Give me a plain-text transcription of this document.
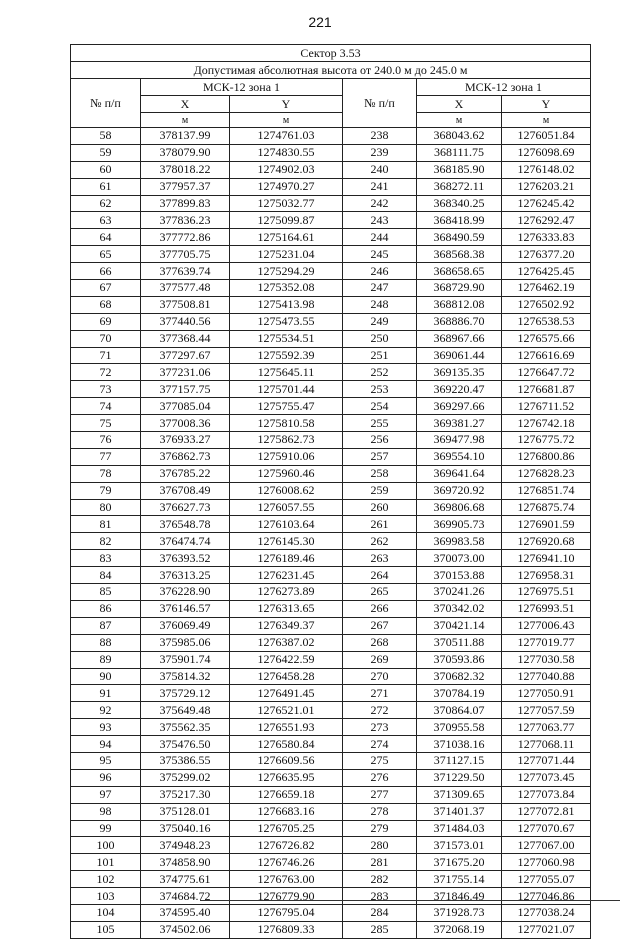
221
Сектор 3.53					
Допустимая абсолютная высота от 240.0 м до 245.0 м					
№ п/п	МСК-12 зона 1		№ п/п	МСК-12 зона 1	
	X	Y		X	Y
	м	м		м	м
58	378137.99	1274761.03	238	368043.62	1276051.84
59	378079.90	1274830.55	239	368111.75	1276098.69
60	378018.22	1274902.03	240	368185.90	1276148.02
61	377957.37	1274970.27	241	368272.11	1276203.21
62	377899.83	1275032.77	242	368340.25	1276245.42
63	377836.23	1275099.87	243	368418.99	1276292.47
64	377772.86	1275164.61	244	368490.59	1276333.83
65	377705.75	1275231.04	245	368568.38	1276377.20
66	377639.74	1275294.29	246	368658.65	1276425.45
67	377577.48	1275352.08	247	368729.90	1276462.19
68	377508.81	1275413.98	248	368812.08	1276502.92
69	377440.56	1275473.55	249	368886.70	1276538.53
70	377368.44	1275534.51	250	368967.66	1276575.66
71	377297.67	1275592.39	251	369061.44	1276616.69
72	377231.06	1275645.11	252	369135.35	1276647.72
73	377157.75	1275701.44	253	369220.47	1276681.87
74	377085.04	1275755.47	254	369297.66	1276711.52
75	377008.36	1275810.58	255	369381.27	1276742.18
76	376933.27	1275862.73	256	369477.98	1276775.72
77	376862.73	1275910.06	257	369554.10	1276800.86
78	376785.22	1275960.46	258	369641.64	1276828.23
79	376708.49	1276008.62	259	369720.92	1276851.74
80	376627.73	1276057.55	260	369806.68	1276875.74
81	376548.78	1276103.64	261	369905.73	1276901.59
82	376474.74	1276145.30	262	369983.58	1276920.68
83	376393.52	1276189.46	263	370073.00	1276941.10
84	376313.25	1276231.45	264	370153.88	1276958.31
85	376228.90	1276273.89	265	370241.26	1276975.51
86	376146.57	1276313.65	266	370342.02	1276993.51
87	376069.49	1276349.37	267	370421.14	1277006.43
88	375985.06	1276387.02	268	370511.88	1277019.77
89	375901.74	1276422.59	269	370593.86	1277030.58
90	375814.32	1276458.28	270	370682.32	1277040.88
91	375729.12	1276491.45	271	370784.19	1277050.91
92	375649.48	1276521.01	272	370864.07	1277057.59
93	375562.35	1276551.93	273	370955.58	1277063.77
94	375476.50	1276580.84	274	371038.16	1277068.11
95	375386.55	1276609.56	275	371127.15	1277071.44
96	375299.02	1276635.95	276	371229.50	1277073.45
97	375217.30	1276659.18	277	371309.65	1277073.84
98	375128.01	1276683.16	278	371401.37	1277072.81
99	375040.16	1276705.25	279	371484.03	1277070.67
100	374948.23	1276726.82	280	371573.01	1277067.00
101	374858.90	1276746.26	281	371675.20	1277060.98
102	374775.61	1276763.00	282	371755.14	1277055.07
103	374684.72	1276779.90	283	371846.49	1277046.86
104	374595.40	1276795.04	284	371928.73	1277038.24
105	374502.06	1276809.33	285	372068.19	1277021.07
